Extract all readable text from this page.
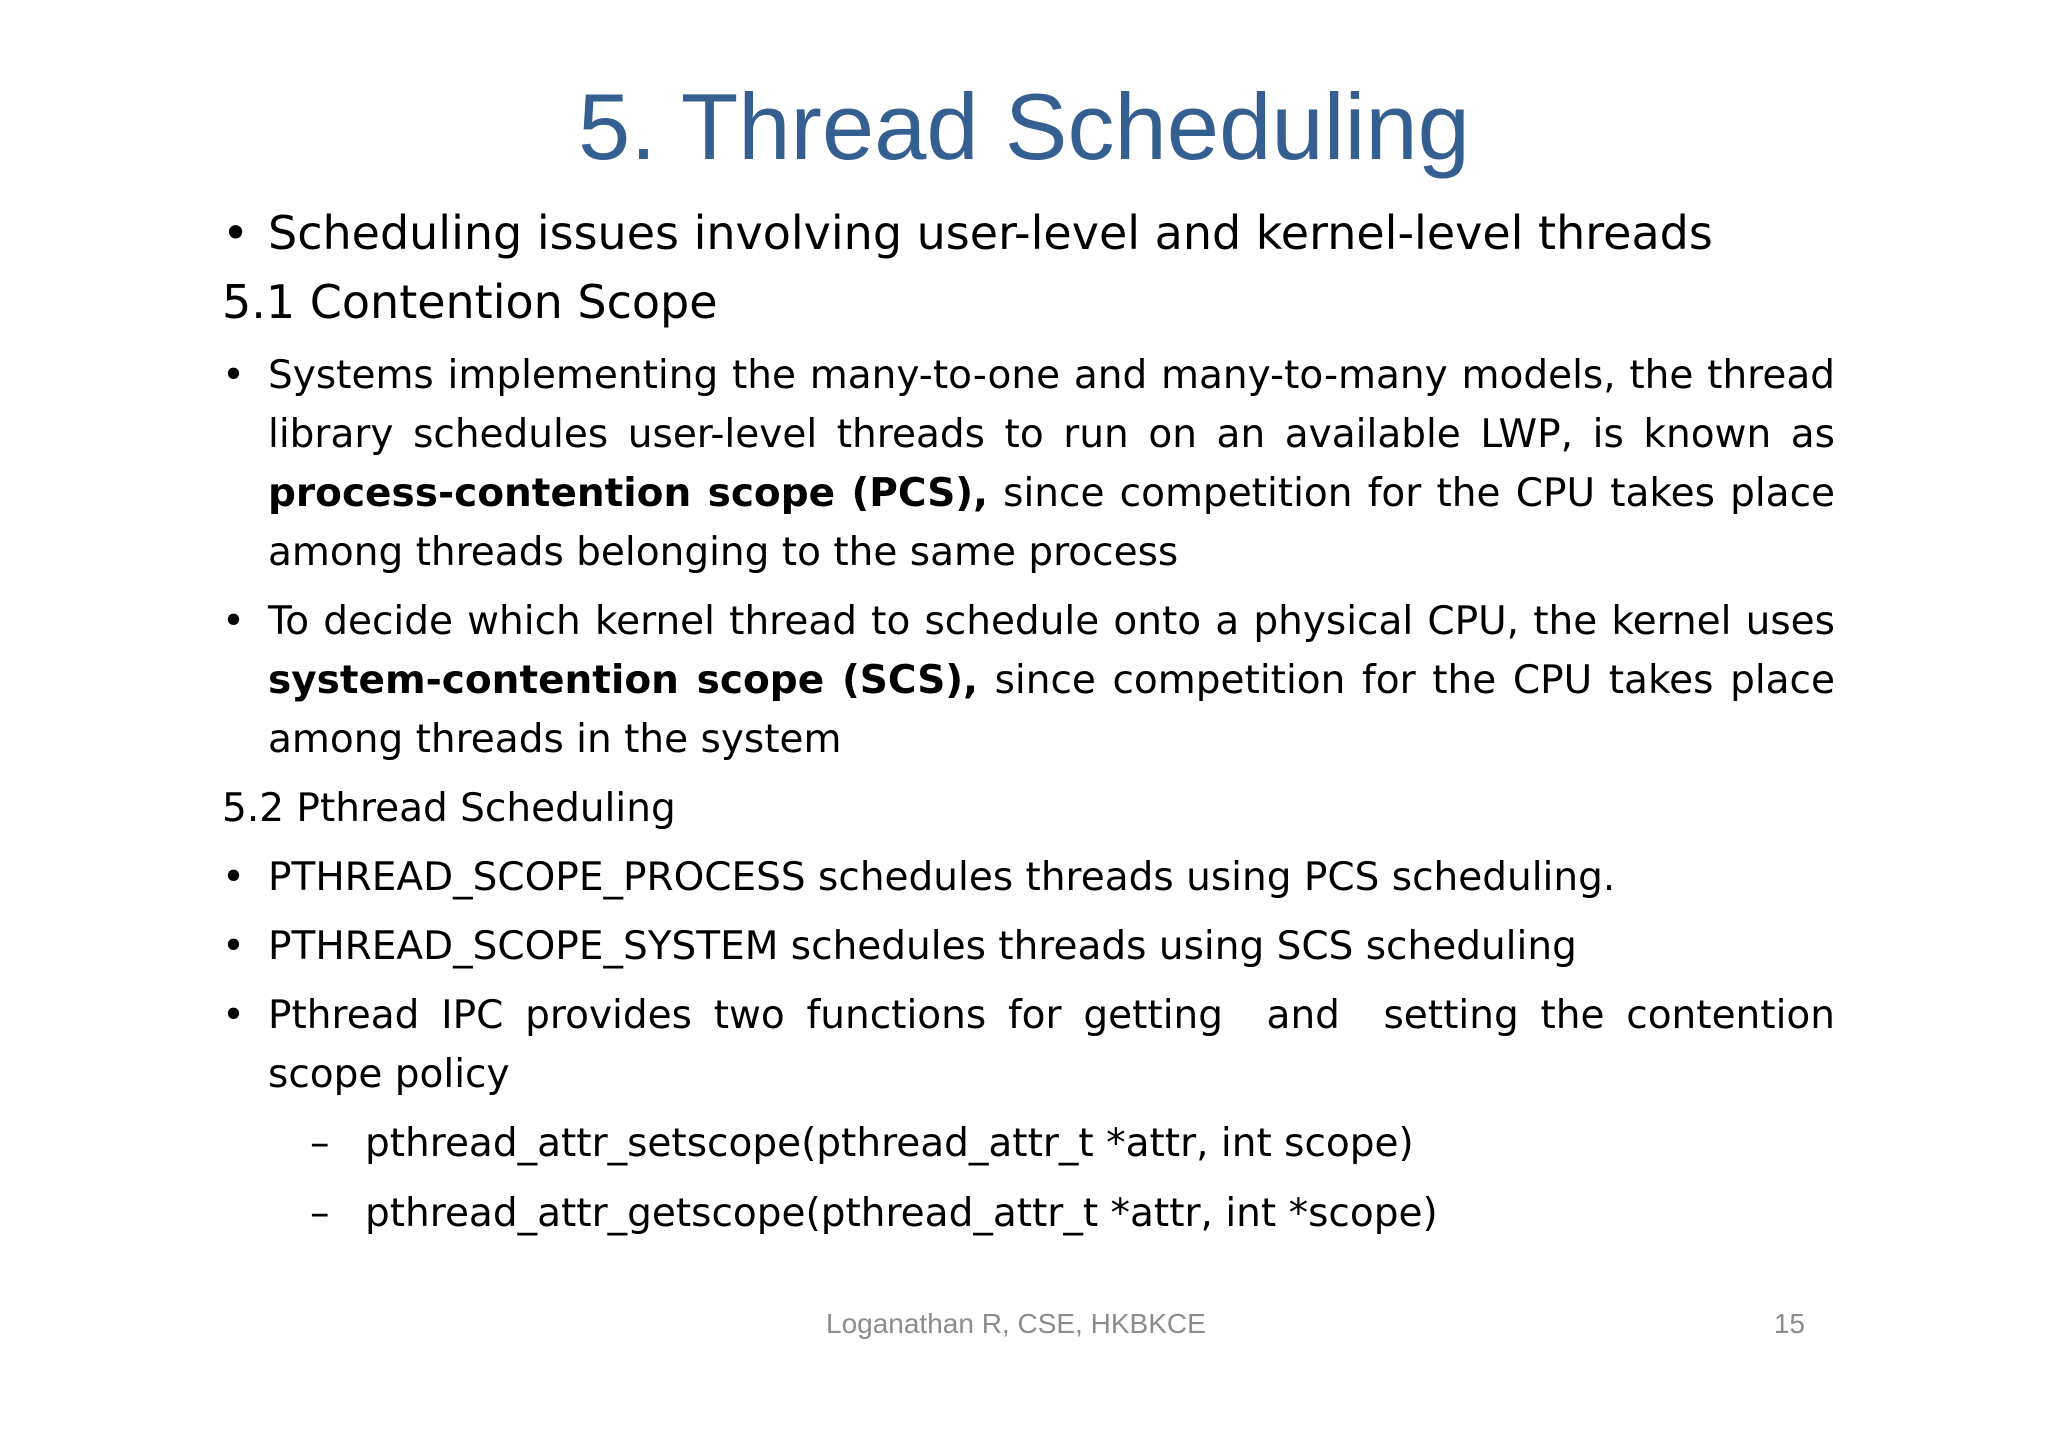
5. Thread Scheduling
• Scheduling issues involving user-level and kernel-level threads
5.1 Contention Scope
• Systems implementing the many-to-one and many-to-many models, the thread library schedules user-level threads to run on an available LWP, is known as process-contention scope (PCS), since competition for the CPU takes place among threads belonging to the same process
• To decide which kernel thread to schedule onto a physical CPU, the kernel uses system-contention scope (SCS), since competition for the CPU takes place among threads in the system
5.2 Pthread Scheduling
• PTHREAD_SCOPE_PROCESS schedules threads using PCS scheduling.
• PTHREAD_SCOPE_SYSTEM schedules threads using SCS scheduling
• Pthread IPC provides two functions for getting  and  setting the contention scope policy
– pthread_attr_setscope(pthread_attr_t *attr, int scope)
– pthread_attr_getscope(pthread_attr_t *attr, int *scope)
Loganathan R, CSE, HKBKCE	15
